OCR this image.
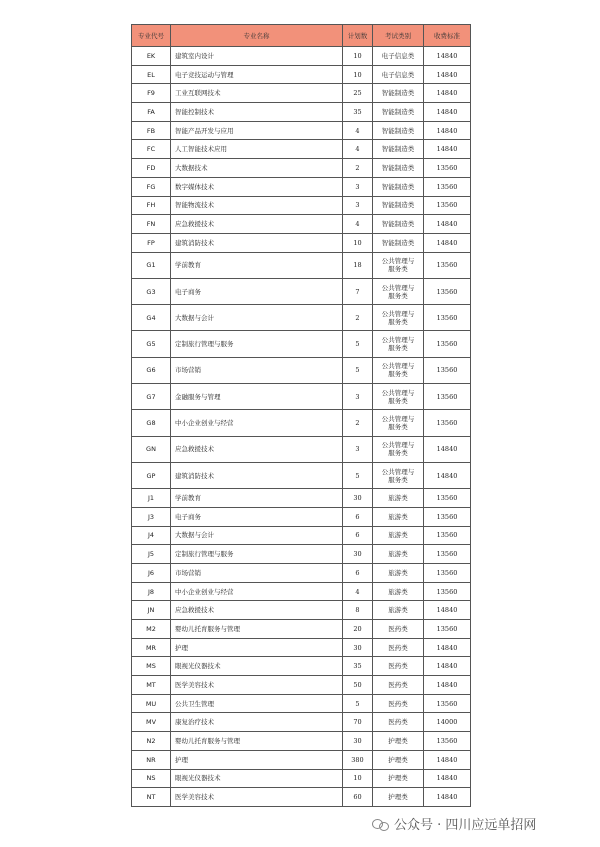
专业代号	专业名称	计划数	考试类别	收费标准
EK	建筑室内设计	10	电子信息类	14840
EL	电子竞技运动与管理	10	电子信息类	14840
F9	工业互联网技术	25	智能制造类	14840
FA	智能控制技术	35	智能制造类	14840
FB	智能产品开发与应用	4	智能制造类	14840
FC	人工智能技术应用	4	智能制造类	14840
FD	大数据技术	2	智能制造类	13560
FG	数字媒体技术	3	智能制造类	13560
FH	智能物流技术	3	智能制造类	13560
FN	应急救援技术	4	智能制造类	14840
FP	建筑消防技术	10	智能制造类	14840
G1	学前教育	18	公共管理与服务类	13560
G3	电子商务	7	公共管理与服务类	13560
G4	大数据与会计	2	公共管理与服务类	13560
G5	定制旅行管理与服务	5	公共管理与服务类	13560
G6	市场营销	5	公共管理与服务类	13560
G7	金融服务与管理	3	公共管理与服务类	13560
G8	中小企业创业与经营	2	公共管理与服务类	13560
GN	应急救援技术	3	公共管理与服务类	14840
GP	建筑消防技术	5	公共管理与服务类	14840
J1	学前教育	30	旅游类	13560
J3	电子商务	6	旅游类	13560
J4	大数据与会计	6	旅游类	13560
J5	定制旅行管理与服务	30	旅游类	13560
J6	市场营销	6	旅游类	13560
J8	中小企业创业与经营	4	旅游类	13560
JN	应急救援技术	8	旅游类	14840
M2	婴幼儿托育服务与管理	20	医药类	13560
MR	护理	30	医药类	14840
MS	眼视光仪器技术	35	医药类	14840
MT	医学美容技术	50	医药类	14840
MU	公共卫生管理	5	医药类	13560
MV	康复治疗技术	70	医药类	14000
N2	婴幼儿托育服务与管理	30	护理类	13560
NR	护理	380	护理类	14840
NS	眼视光仪器技术	10	护理类	14840
NT	医学美容技术	60	护理类	14840
公众号 · 四川应远单招网
